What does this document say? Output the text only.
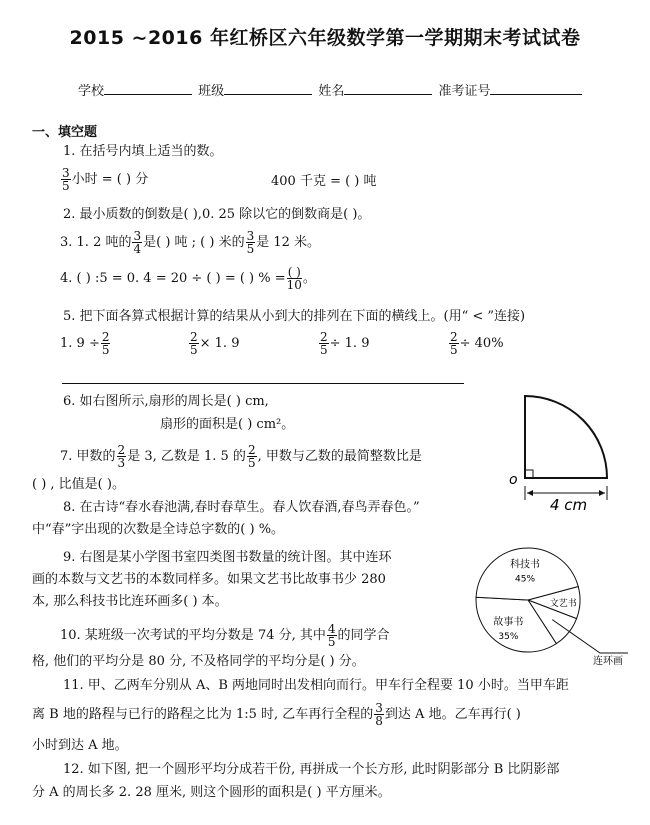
2015 ~2016 年红桥区六年级数学第一学期期末考试试卷
学校	班级	姓名	准考证号
一、填空题
1. 在括号内填上适当的数。
$\frac{3}{5}$ 小时 = ( ) 分	400 千克 = ( ) 吨
2. 最小质数的倒数是( ),0. 25 除以它的倒数商是( )。
3. 1. 2 吨的 $\frac{3}{4}$ 是( ) 吨 ; ( ) 米的 $\frac{3}{5}$ 是 12 米。
4. ( ) :5 = 0. 4 = 20 ÷ ( ) = ( ) % = $\frac{( )}{10}$ 。
5. 把下面各算式根据计算的结果从小到大的排列在下面的横线上。(用“ < ”连接)
1. $9 \div \frac{2}{5}$	$\frac{2}{5} \times 1$. 9	$\frac{2}{5} \div 1$. 9	$\frac{2}{5} \div 40\%$
6. 如右图所示,扇形的周长是( ) cm,
扇形的面积是( ) cm²。
o
4 cm
7. 甲数的 $\frac{2}{3}$ 是 3, 乙数是 1. 5 的 $\frac{2}{5}$ , 甲数与乙数的最简整数比是
( ) , 比值是( )。
8. 在古诗“春水春池满,春时春草生。春人饮春酒,春鸟弄春色。”
中“春”字出现的次数是全诗总字数的( ) %。
9. 右图是某小学图书室四类图书数量的统计图。其中连环
画的本数与文艺书的本数同样多。如果文艺书比故事书少 280
本, 那么科技书比连环画多( ) 本。
科技书
45%
故事书
35%
文艺书
连环画
10. 某班级一次考试的平均分数是 74 分, 其中 $\frac{4}{5}$ 的同学合
格, 他们的平均分是 80 分, 不及格同学的平均分是( ) 分。
11. 甲、乙两车分别从 A、B 两地同时出发相向而行。甲车行全程要 10 小时。当甲车距
离 B 地的路程与已行的路程之比为 1:5 时, 乙车再行全程的 $\frac{3}{8}$ 到达 A 地。乙车再行( )
小时到达 A 地。
12. 如下图, 把一个圆形平均分成若干份, 再拼成一个长方形, 此时阴影部分 B 比阴影部
分 A 的周长多 2. 28 厘米, 则这个圆形的面积是( ) 平方厘米。
